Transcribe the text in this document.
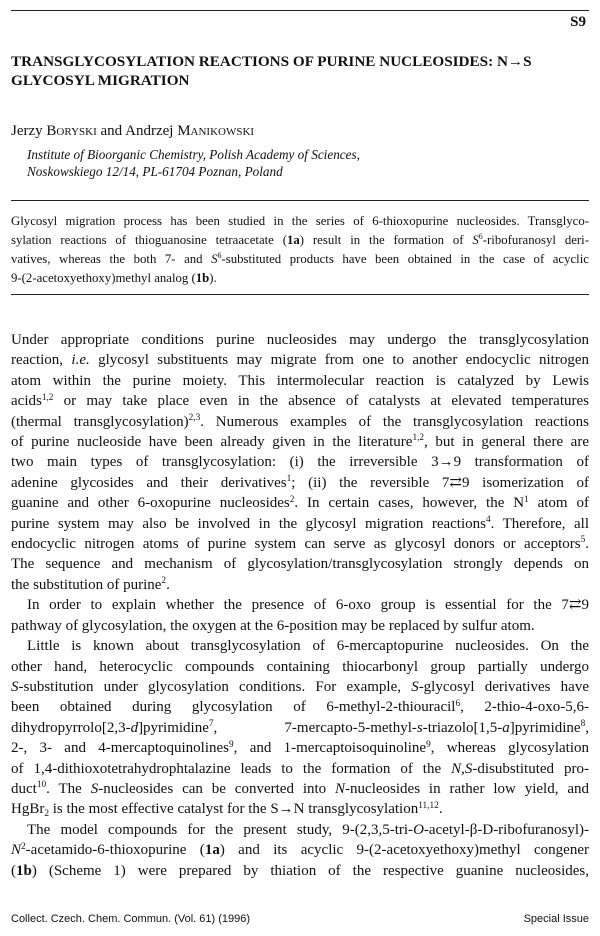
S9
TRANSGLYCOSYLATION REACTIONS OF PURINE NUCLEOSIDES: N→S GLYCOSYL MIGRATION
Jerzy Boryski and Andrzej Manikowski
Institute of Bioorganic Chemistry, Polish Academy of Sciences,
Noskowskiego 12/14, PL-61704 Poznan, Poland
Glycosyl migration process has been studied in the series of 6-thioxopurine nucleosides. Transglyco-
sylation reactions of thioguanosine tetraacetate (1a) result in the formation of $S^6$-ribofuranosyl deri-
vatives, whereas the both 7- and $S^6$-substituted products have been obtained in the case of acyclic
9-(2-acetoxyethoxy)methyl analog (1b).
Under appropriate conditions purine nucleosides may undergo the transglycosylation
reaction, i.e. glycosyl substituents may migrate from one to another endocyclic nitrogen
atom within the purine moiety. This intermolecular reaction is catalyzed by Lewis
acids$^{1,2}$ or may take place even in the absence of catalysts at elevated temperatures
(thermal transglycosylation)$^{2,3}$. Numerous examples of the transglycosylation reactions
of purine nucleoside have been already given in the literature$^{1,2}$, but in general there are
two main types of transglycosylation: (i) the irreversible 3→9 transformation of
adenine glycosides and their derivatives$^1$; (ii) the reversible 7⇄9 isomerization of
guanine and other 6-oxopurine nucleosides$^2$. In certain cases, however, the $N^1$ atom of
purine system may also be involved in the glycosyl migration reactions$^4$. Therefore, all
endocyclic nitrogen atoms of purine system can serve as glycosyl donors or acceptors$^5$.
The sequence and mechanism of glycosylation/transglycosylation strongly depends on
the substitution of purine$^2$.
In order to explain whether the presence of 6-oxo group is essential for the 7⇄9
pathway of glycosylation, the oxygen at the 6-position may be replaced by sulfur atom.
Little is known about transglycosylation of 6-mercaptopurine nucleosides. On the
other hand, heterocyclic compounds containing thiocarbonyl group partially undergo
S-substitution under glycosylation conditions. For example, S-glycosyl derivatives have
been obtained during glycosylation of 6-methyl-2-thiouracil$^6$, 2-thio-4-oxo-5,6-
dihydropyrrolo[2,3-d]pyrimidine$^7$, 7-mercapto-5-methyl-s-triazolo[1,5-a]pyrimidine$^8$,
2-, 3- and 4-mercaptoquinolines$^9$, and 1-mercaptoisoquinoline$^9$, whereas glycosylation
of 1,4-dithioxotetrahydrophtalazine leads to the formation of the N,S-disubstituted pro-
duct$^{10}$. The S-nucleosides can be converted into N-nucleosides in rather low yield, and
HgBr$_2$ is the most effective catalyst for the S→N transglycosylation$^{11,12}$.
The model compounds for the present study, 9-(2,3,5-tri-O-acetyl-β-D-ribofuranosyl)-
$N^2-acetamido-6$-thioxopurine (1a) and its acyclic 9-(2-acetoxyethoxy)methyl congener
(1b) (Scheme 1) were prepared by thiation of the respective guanine nucleosides,
Collect. Czech. Chem. Commun. (Vol. 61) (1996)	Special Issue
